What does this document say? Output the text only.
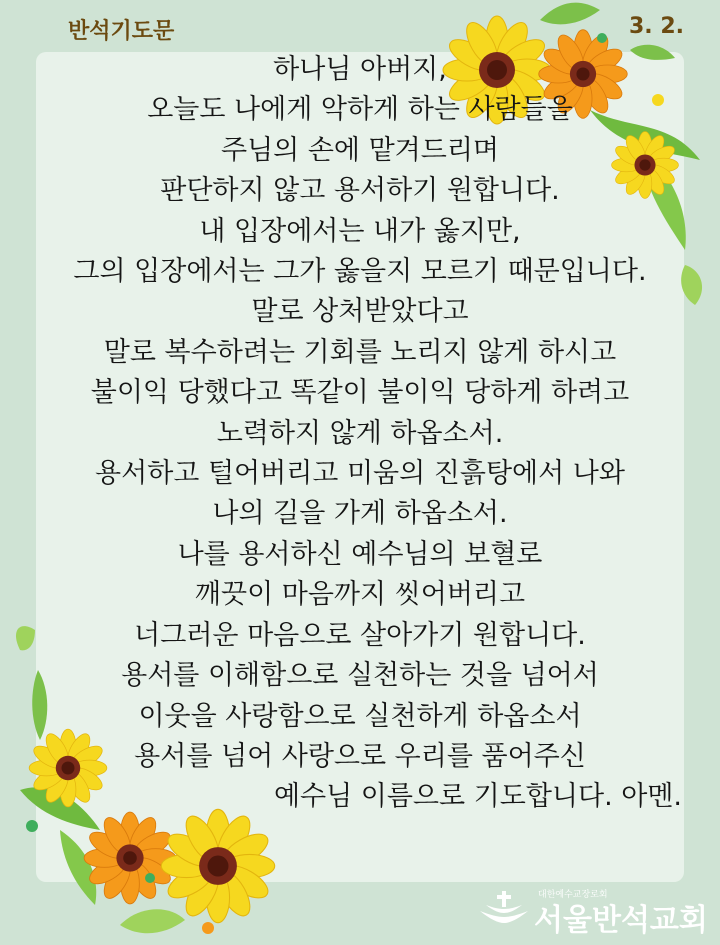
반석기도문	3. 2.
하나님 아버지,
오늘도 나에게 악하게 하는 사람들을
주님의 손에 맡겨드리며
판단하지 않고 용서하기 원합니다.
내 입장에서는 내가 옳지만,
그의 입장에서는 그가 옳을지 모르기 때문입니다.
말로 상처받았다고
말로 복수하려는 기회를 노리지 않게 하시고
불이익 당했다고 똑같이 불이익 당하게 하려고
노력하지 않게 하옵소서.
용서하고 털어버리고 미움의 진흙탕에서 나와
나의 길을 가게 하옵소서.
나를 용서하신 예수님의 보혈로
깨끗이 마음까지 씻어버리고
너그러운 마음으로 살아가기 원합니다.
용서를 이해함으로 실천하는 것을 넘어서
이웃을 사랑함으로 실천하게 하옵소서
용서를 넘어 사랑으로 우리를 품어주신
예수님 이름으로 기도합니다. 아멘.
대한예수교장로회
서울반석교회
